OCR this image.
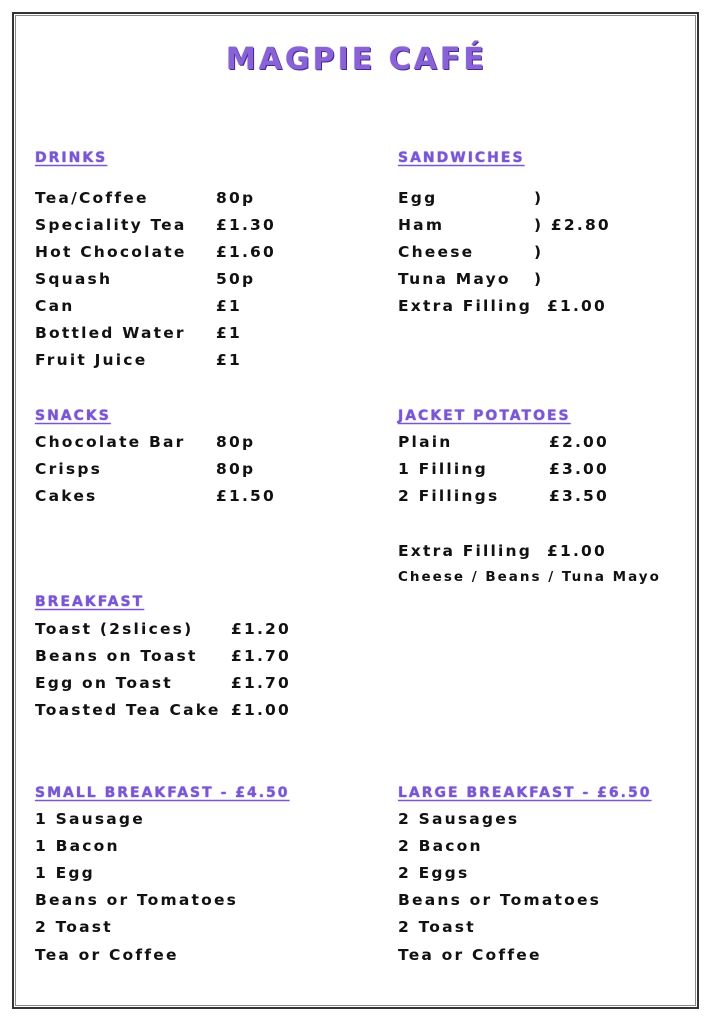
MAGPIE CAFÉ
DRINKS
Tea/Coffee	80p
Speciality Tea £1.30
Hot Chocolate £1.60
Squash	50p
Can	£1
Bottled Water £1
Fruit Juice	£1
SANDWICHES
Egg	)
Ham	) £2.80
Cheese	)
Tuna Mayo )
Extra Filling £1.00
SNACKS
Chocolate Bar 80p
Crisps	80p
Cakes	£1.50
JACKET POTATOES
Plain	£2.00
1 Filling	£3.00
2 Fillings	£3.50
Extra Filling £1.00
Cheese / Beans / Tuna Mayo
BREAKFAST
Toast (2slices) £1.20
Beans on Toast £1.70
Egg on Toast	£1.70
Toasted Tea Cake £1.00
SMALL BREAKFAST - £4.50
1 Sausage
1 Bacon
1 Egg
Beans or Tomatoes
2 Toast
Tea or Coffee
LARGE BREAKFAST - £6.50
2 Sausages
2 Bacon
2 Eggs
Beans or Tomatoes
2 Toast
Tea or Coffee
